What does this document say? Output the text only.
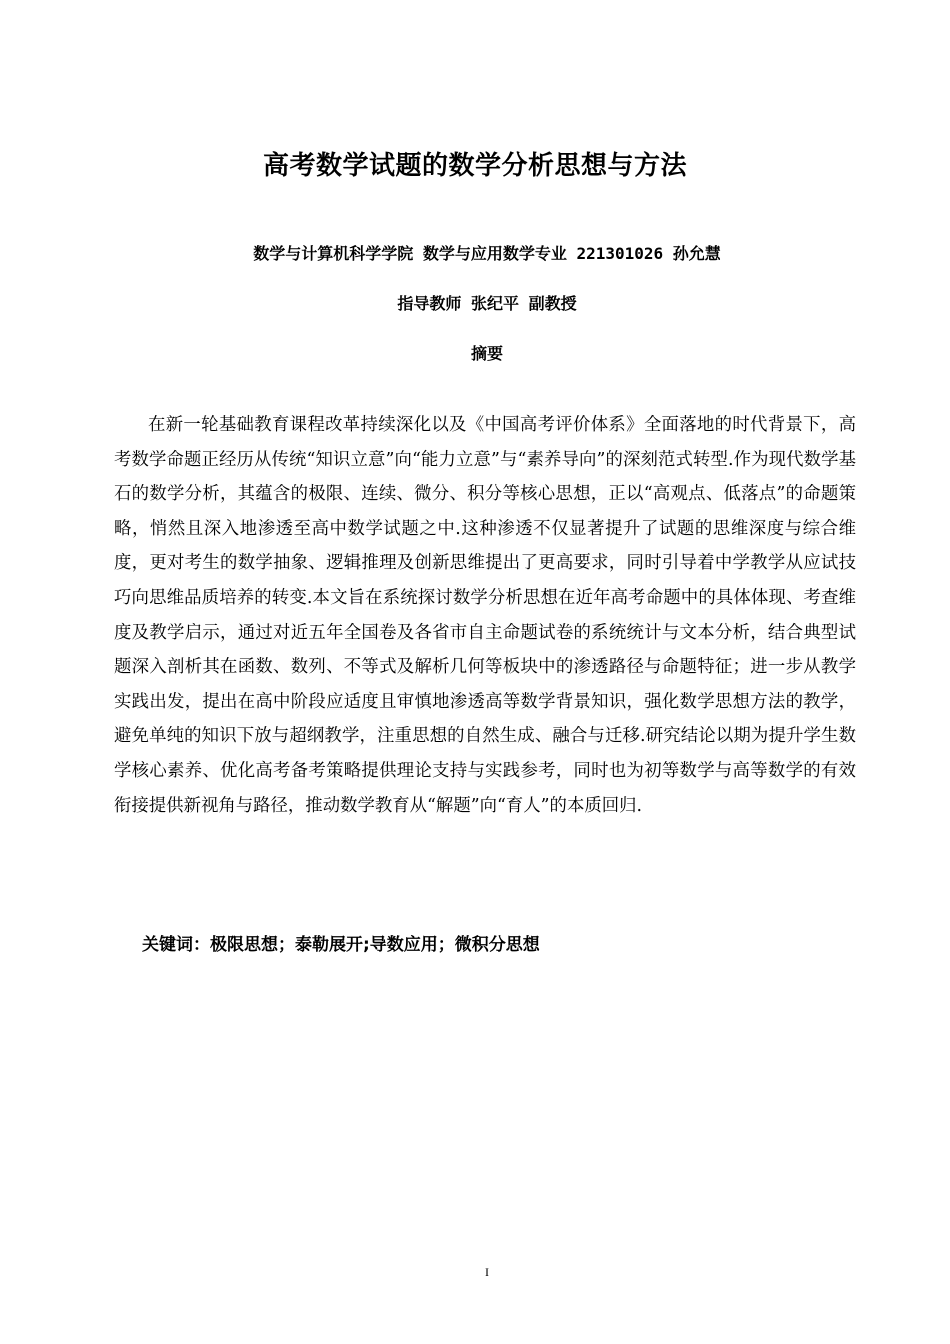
高考数学试题的数学分析思想与方法
数学与计算机科学学院 数学与应用数学专业 221301026 孙允慧
指导教师 张纪平 副教授
摘要

在新一轮基础教育课程改革持续深化以及《中国高考评价体系》全面落地的时代背景下，高考数学命题正经历从传统“知识立意”向“能力立意”与“素养导向”的深刻范式转型.作为现代数学基石的数学分析，其蕴含的极限、连续、微分、积分等核心思想，正以“高观点、低落点”的命题策略，悄然且深入地渗透至高中数学试题之中.这种渗透不仅显著提升了试题的思维深度与综合维度，更对考生的数学抽象、逻辑推理及创新思维提出了更高要求，同时引导着中学教学从应试技巧向思维品质培养的转变.本文旨在系统探讨数学分析思想在近年高考命题中的具体体现、考查维度及教学启示，通过对近五年全国卷及各省市自主命题试卷的系统统计与文本分析，结合典型试题深入剖析其在函数、数列、不等式及解析几何等板块中的渗透路径与命题特征；进一步从教学实践出发，提出在高中阶段应适度且审慎地渗透高等数学背景知识，强化数学思想方法的教学，避免单纯的知识下放与超纲教学，注重思想的自然生成、融合与迁移.研究结论以期为提升学生数学核心素养、优化高考备考策略提供理论支持与实践参考，同时也为初等数学与高等数学的有效衔接提供新视角与路径，推动数学教育从“解题”向“育人”的本质回归.

关键词：极限思想；泰勒展开;导数应用；微积分思想
I
